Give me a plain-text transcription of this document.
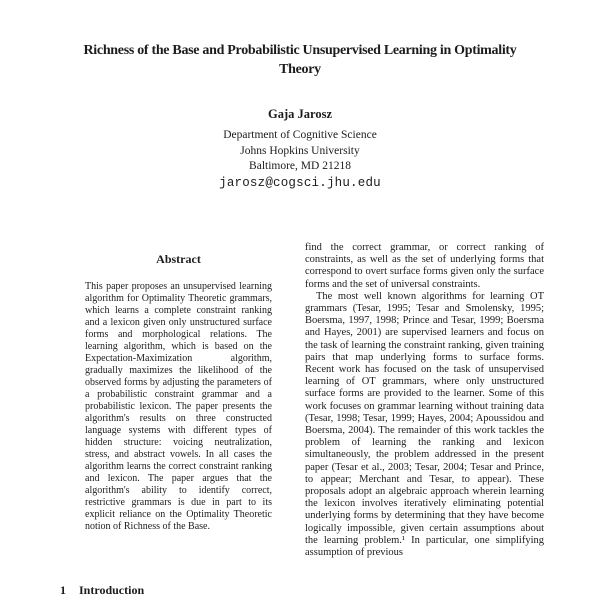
Richness of the Base and Probabilistic Unsupervised Learning in Optimality Theory
Gaja Jarosz
Department of Cognitive Science
Johns Hopkins University
Baltimore, MD 21218
jarosz@cogsci.jhu.edu
Abstract
This paper proposes an unsupervised learning algorithm for Optimality Theoretic grammars, which learns a complete constraint ranking and a lexicon given only unstructured surface forms and morphological relations. The learning algorithm, which is based on the Expectation-Maximization algorithm, gradually maximizes the likelihood of the observed forms by adjusting the parameters of a probabilistic constraint grammar and a probabilistic lexicon. The paper presents the algorithm's results on three constructed language systems with different types of hidden structure: voicing neutralization, stress, and abstract vowels. In all cases the algorithm learns the correct constraint ranking and lexicon. The paper argues that the algorithm's ability to identify correct, restrictive grammars is due in part to its explicit reliance on the Optimality Theoretic notion of Richness of the Base.
1 Introduction

find the correct grammar, or correct ranking of constraints, as well as the set of underlying forms that correspond to overt surface forms given only the surface forms and the set of universal constraints.

The most well known algorithms for learning OT grammars (Tesar, 1995; Tesar and Smolensky, 1995; Boersma, 1997, 1998; Prince and Tesar, 1999; Boersma and Hayes, 2001) are supervised learners and focus on the task of learning the constraint ranking, given training pairs that map underlying forms to surface forms. Recent work has focused on the task of unsupervised learning of OT grammars, where only unstructured surface forms are provided to the learner. Some of this work focuses on grammar learning without training data (Tesar, 1998; Tesar, 1999; Hayes, 2004; Apoussidou and Boersma, 2004). The remainder of this work tackles the problem of learning the ranking and lexicon simultaneously, the problem addressed in the present paper (Tesar et al., 2003; Tesar, 2004; Tesar and Prince, to appear; Merchant and Tesar, to appear). These proposals adopt an algebraic approach wherein learning the lexicon involves iteratively eliminating potential underlying forms by determining that they have become logically impossible, given certain assumptions about the learning problem.¹ In particular, one simplifying assumption of previous
